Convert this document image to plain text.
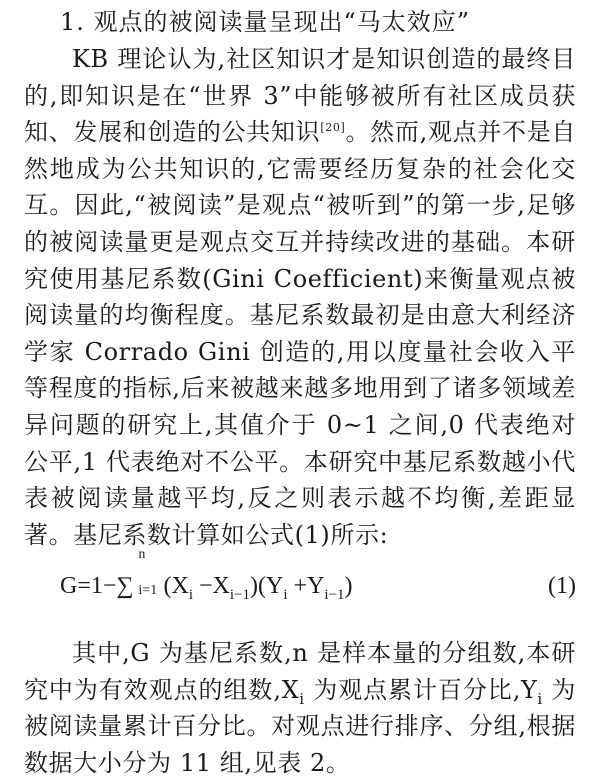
1. 观点的被阅读量呈现出“马太效应”

KB 理论认为,社区知识才是知识创造的最终目的,即知识是在“世界 3”中能够被所有社区成员获知、发展和创造的公共知识[20]。然而,观点并不是自然地成为公共知识的,它需要经历复杂的社会化交互。因此,“被阅读”是观点“被听到”的第一步,足够的被阅读量更是观点交互并持续改进的基础。本研究使用基尼系数(Gini Coefficient)来衡量观点被阅读量的均衡程度。基尼系数最初是由意大利经济学家 Corrado Gini 创造的,用以度量社会收入平等程度的指标,后来被越来越多地用到了诸多领域差异问题的研究上,其值介于 0~1 之间,0 代表绝对公平,1 代表绝对不公平。本研究中基尼系数越小代表被阅读量越平均,反之则表示越不均衡,差距显著。基尼系数计算如公式(1)所示:

G=1−∑
n
i=1 $(X_i -X_{i-1})(Y_i +Y_{i-1})$	(1)

其中,G 为基尼系数,n 是样本量的分组数,本研究中为有效观点的组数$,X_i$ 为观点累计百分比$,Y_i$ 为被阅读量累计百分比。对观点进行排序、分组,根据数据大小分为 11 组,见表 2。
